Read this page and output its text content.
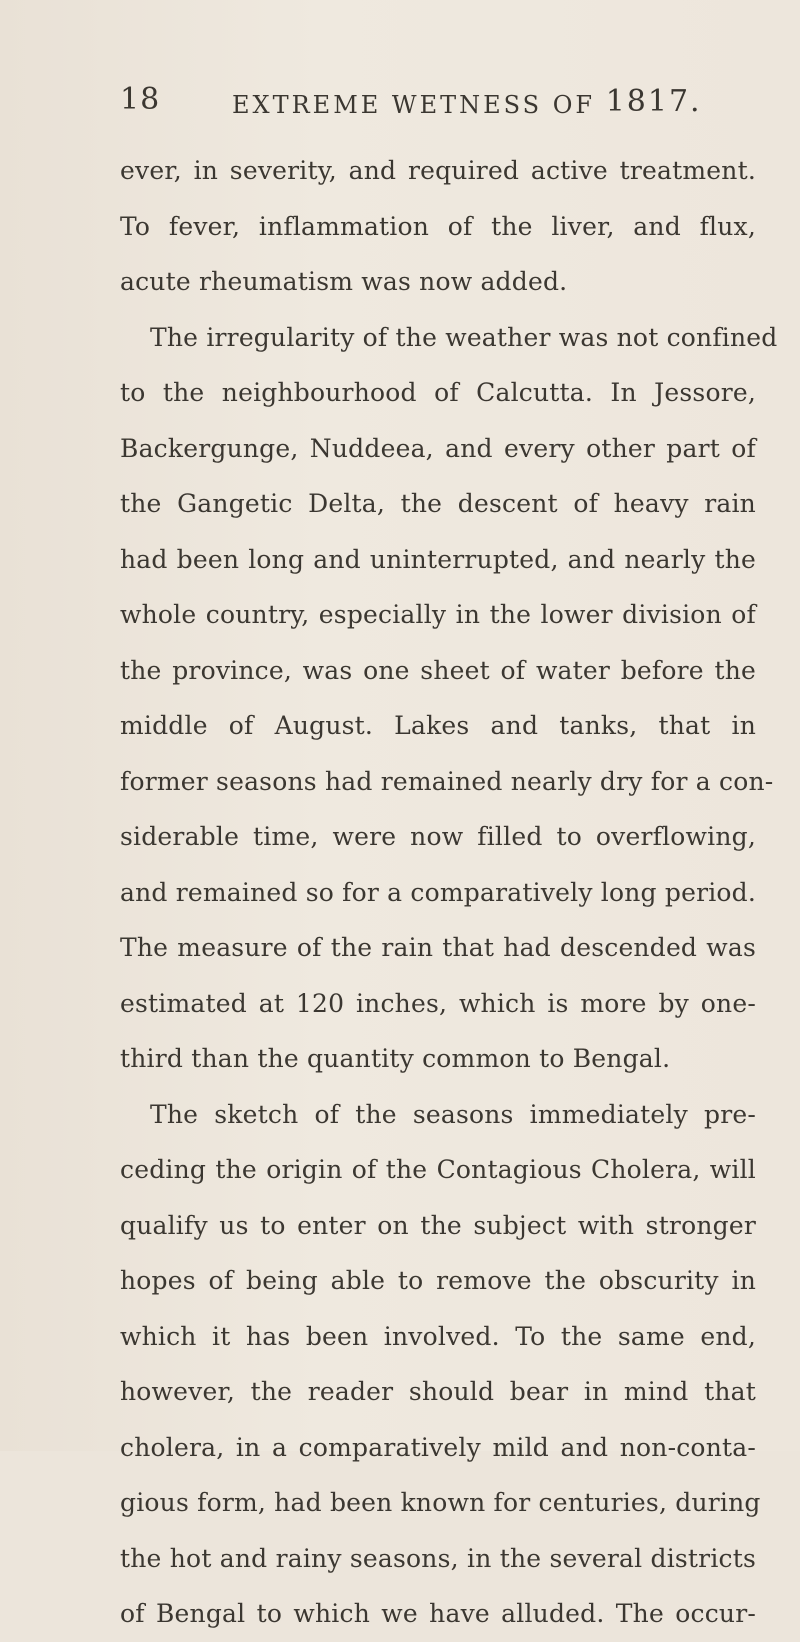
18	EXTREME WETNESS OF 1817.
ever, in severity, and required active treatment.
To fever, inflammation of the liver, and flux,
acute rheumatism was now added.
The irregularity of the weather was not confined
to the neighbourhood of Calcutta. In Jessore,
Backergunge, Nuddeea, and every other part of
the Gangetic Delta, the descent of heavy rain
had been long and uninterrupted, and nearly the
whole country, especially in the lower division of
the province, was one sheet of water before the
middle of August. Lakes and tanks, that in
former seasons had remained nearly dry for a con-
siderable time, were now filled to overflowing,
and remained so for a comparatively long period.
The measure of the rain that had descended was
estimated at 120 inches, which is more by one-
third than the quantity common to Bengal.
The sketch of the seasons immediately pre-
ceding the origin of the Contagious Cholera, will
qualify us to enter on the subject with stronger
hopes of being able to remove the obscurity in
which it has been involved. To the same end,
however, the reader should bear in mind that
cholera, in a comparatively mild and non-conta-
gious form, had been known for centuries, during
the hot and rainy seasons, in the several districts
of Bengal to which we have alluded. The occur-
